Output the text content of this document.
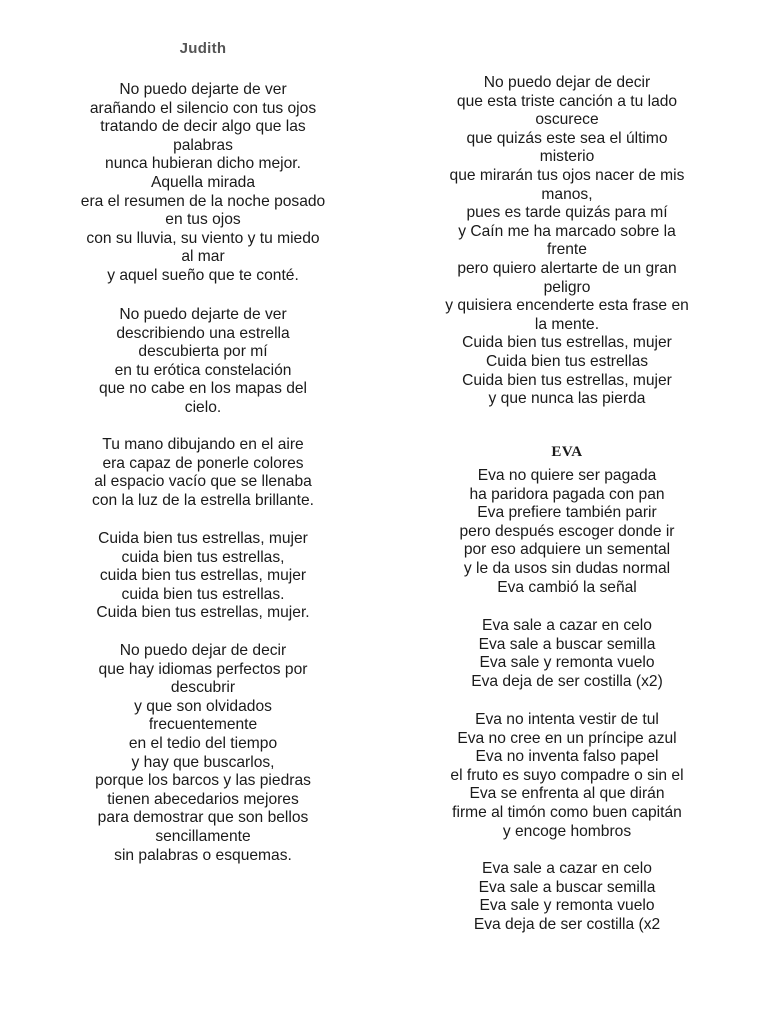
Judith
No puedo dejarte de ver
arañando el silencio con tus ojos
tratando de decir algo que las
palabras
nunca hubieran dicho mejor.
Aquella mirada
era el resumen de la noche posado
en tus ojos
con su lluvia, su viento y tu miedo
al mar
y aquel sueño que te conté.
No puedo dejarte de ver
describiendo una estrella
descubierta por mí
en tu erótica constelación
que no cabe en los mapas del
cielo.
Tu mano dibujando en el aire
era capaz de ponerle colores
al espacio vacío que se llenaba
con la luz de la estrella brillante.
Cuida bien tus estrellas, mujer
cuida bien tus estrellas,
cuida bien tus estrellas, mujer
cuida bien tus estrellas.
Cuida bien tus estrellas, mujer.
No puedo dejar de decir
que hay idiomas perfectos por
descubrir
y que son olvidados
frecuentemente
en el tedio del tiempo
y hay que buscarlos,
porque los barcos y las piedras
tienen abecedarios mejores
para demostrar que son bellos
sencillamente
sin palabras o esquemas.
No puedo dejar de decir
que esta triste canción a tu lado
oscurece
que quizás este sea el último
misterio
que mirarán tus ojos nacer de mis
manos,
pues es tarde quizás para mí
y Caín me ha marcado sobre la
frente
pero quiero alertarte de un gran
peligro
y quisiera encenderte esta frase en
la mente.
Cuida bien tus estrellas, mujer
Cuida bien tus estrellas
Cuida bien tus estrellas, mujer
y que nunca las pierda
EVA
Eva no quiere ser pagada
ha paridora pagada con pan
Eva prefiere también parir
pero después escoger donde ir
por eso adquiere un semental
y le da usos sin dudas normal
Eva cambió la señal
Eva sale a cazar en celo
Eva sale a buscar semilla
Eva sale y remonta vuelo
Eva deja de ser costilla (x2)
Eva no intenta vestir de tul
Eva no cree en un príncipe azul
Eva no inventa falso papel
el fruto es suyo compadre o sin el
Eva se enfrenta al que dirán
firme al timón como buen capitán
y encoge hombros
Eva sale a cazar en celo
Eva sale a buscar semilla
Eva sale y remonta vuelo
Eva deja de ser costilla (x2
